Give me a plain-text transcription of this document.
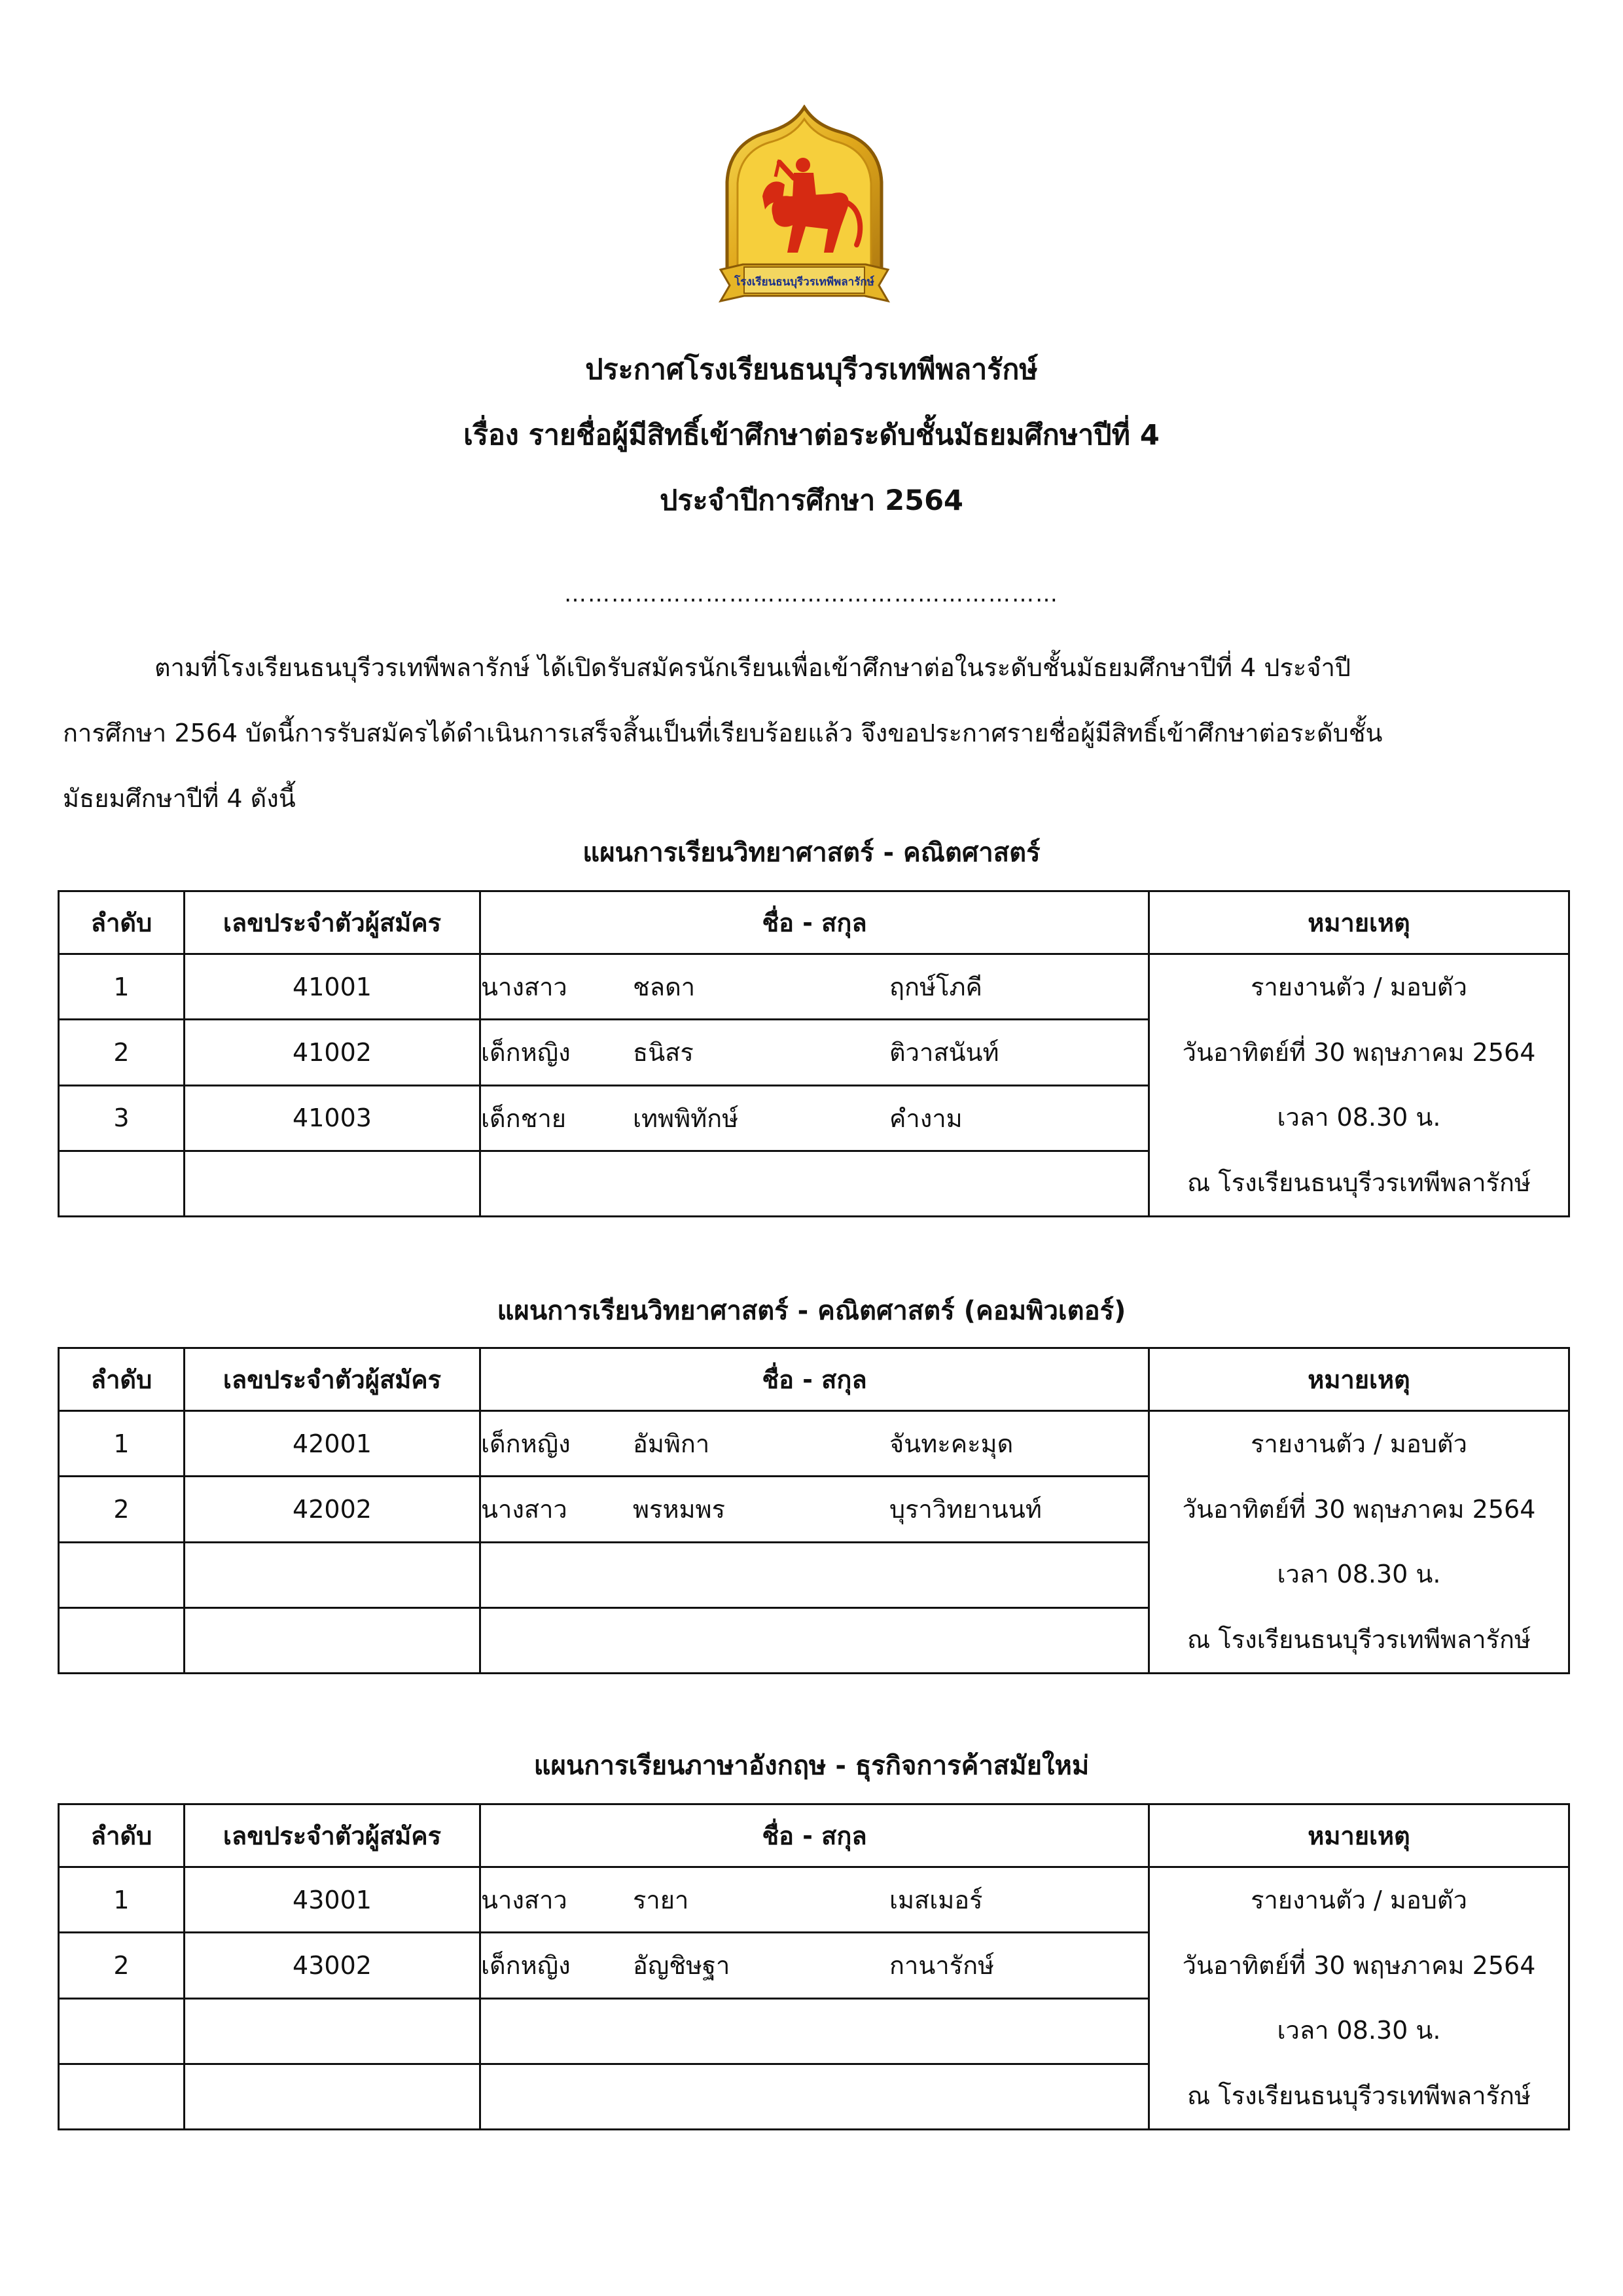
โรงเรียนธนบุรีวรเทพีพลารักษ์
ประกาศโรงเรียนธนบุรีวรเทพีพลารักษ์
เรื่อง รายชื่อผู้มีสิทธิ์เข้าศึกษาต่อระดับชั้นมัธยมศึกษาปีที่ 4
ประจำปีการศึกษา 2564
………………………………………………………
ตามที่โรงเรียนธนบุรีวรเทพีพลารักษ์ ได้เปิดรับสมัครนักเรียนเพื่อเข้าศึกษาต่อในระดับชั้นมัธยมศึกษาปีที่ 4 ประจำปี
การศึกษา 2564 บัดนี้การรับสมัครได้ดำเนินการเสร็จสิ้นเป็นที่เรียบร้อยแล้ว จึงขอประกาศรายชื่อผู้มีสิทธิ์เข้าศึกษาต่อระดับชั้น
มัธยมศึกษาปีที่ 4 ดังนี้
แผนการเรียนวิทยาศาสตร์ - คณิตศาสตร์
ลำดับ	เลขประจำตัวผู้สมัคร	ชื่อ - สกุล	หมายเหตุ
1	41001	นางสาว ชลดา ฤกษ์โภคี	รายงานตัว / มอบตัว
วันอาทิตย์ที่ 30 พฤษภาคม 2564
เวลา 08.30 น.
ณ โรงเรียนธนบุรีวรเทพีพลารักษ์

2	41002	เด็กหญิง ธนิสร ติวาสนันท์	
3	41003	เด็กชาย เทพพิทักษ์ คำงาม	

แผนการเรียนวิทยาศาสตร์ - คณิตศาสตร์ (คอมพิวเตอร์)
ลำดับ	เลขประจำตัวผู้สมัคร	ชื่อ - สกุล	หมายเหตุ
1	42001	เด็กหญิง อัมพิกา จันทะคะมุด	รายงานตัว / มอบตัว
วันอาทิตย์ที่ 30 พฤษภาคม 2564
เวลา 08.30 น.
ณ โรงเรียนธนบุรีวรเทพีพลารักษ์

2	42002	นางสาว พรหมพร บุราวิทยานนท์	

แผนการเรียนภาษาอังกฤษ - ธุรกิจการค้าสมัยใหม่
ลำดับ	เลขประจำตัวผู้สมัคร	ชื่อ - สกุล	หมายเหตุ
1	43001	นางสาว รายา เมสเมอร์	รายงานตัว / มอบตัว
วันอาทิตย์ที่ 30 พฤษภาคม 2564
เวลา 08.30 น.
ณ โรงเรียนธนบุรีวรเทพีพลารักษ์

2	43002	เด็กหญิง อัญชิษฐา กานารักษ์	
